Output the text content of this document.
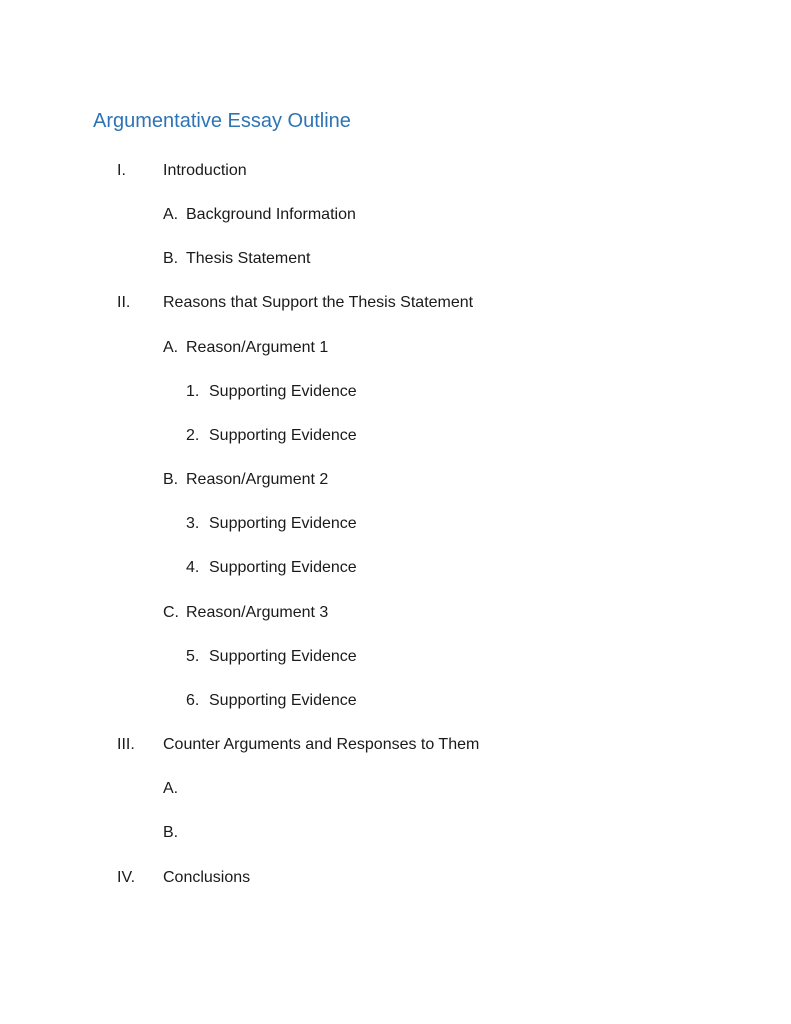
Argumentative Essay Outline
I. Introduction
A. Background Information
B. Thesis Statement
II. Reasons that Support the Thesis Statement
A. Reason/Argument 1
1. Supporting Evidence
2. Supporting Evidence
B. Reason/Argument 2
3. Supporting Evidence
4. Supporting Evidence
C. Reason/Argument 3
5. Supporting Evidence
6. Supporting Evidence
III. Counter Arguments and Responses to Them
A.
B.
IV. Conclusions
